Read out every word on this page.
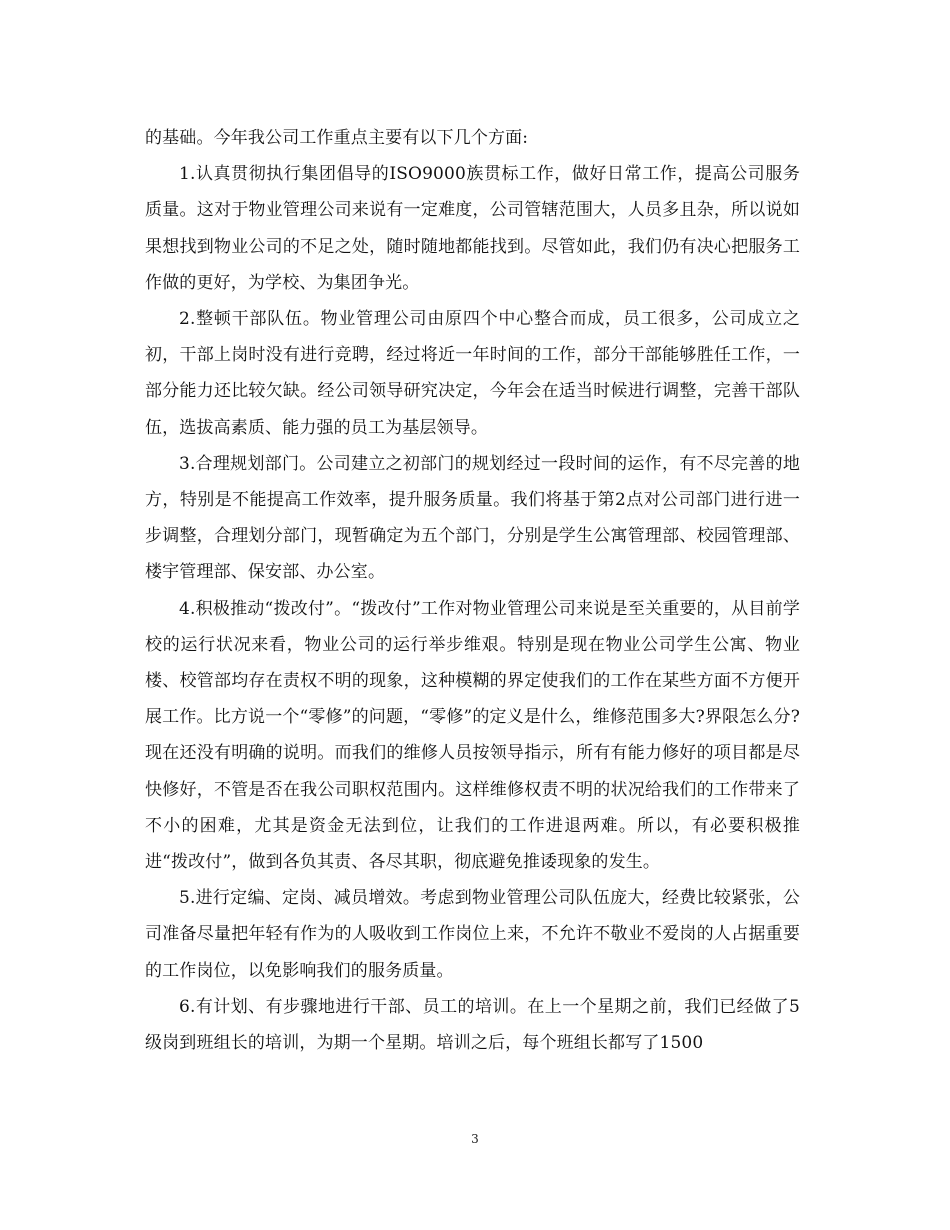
的基础。今年我公司工作重点主要有以下几个方面:

1.认真贯彻执行集团倡导的ISO9000族贯标工作，做好日常工作，提高公司服务质量。这对于物业管理公司来说有一定难度，公司管辖范围大，人员多且杂，所以说如果想找到物业公司的不足之处，随时随地都能找到。尽管如此，我们仍有决心把服务工作做的更好，为学校、为集团争光。

2.整顿干部队伍。物业管理公司由原四个中心整合而成，员工很多，公司成立之初，干部上岗时没有进行竞聘，经过将近一年时间的工作，部分干部能够胜任工作，一部分能力还比较欠缺。经公司领导研究决定，今年会在适当时候进行调整，完善干部队伍，选拔高素质、能力强的员工为基层领导。

3.合理规划部门。公司建立之初部门的规划经过一段时间的运作，有不尽完善的地方，特别是不能提高工作效率，提升服务质量。我们将基于第2点对公司部门进行进一步调整，合理划分部门，现暂确定为五个部门，分别是学生公寓管理部、校园管理部、楼宇管理部、保安部、办公室。

4.积极推动“拨改付”。“拨改付”工作对物业管理公司来说是至关重要的，从目前学校的运行状况来看，物业公司的运行举步维艰。特别是现在物业公司学生公寓、物业楼、校管部均存在责权不明的现象，这种模糊的界定使我们的工作在某些方面不方便开展工作。比方说一个“零修”的问题，“零修”的定义是什么，维修范围多大?界限怎么分?现在还没有明确的说明。而我们的维修人员按领导指示，所有有能力修好的项目都是尽快修好，不管是否在我公司职权范围内。这样维修权责不明的状况给我们的工作带来了不小的困难，尤其是资金无法到位，让我们的工作进退两难。所以，有必要积极推进“拨改付”，做到各负其责、各尽其职，彻底避免推诿现象的发生。

5.进行定编、定岗、减员增效。考虑到物业管理公司队伍庞大，经费比较紧张，公司准备尽量把年轻有作为的人吸收到工作岗位上来，不允许不敬业不爱岗的人占据重要的工作岗位，以免影响我们的服务质量。

6.有计划、有步骤地进行干部、员工的培训。在上一个星期之前，我们已经做了5级岗到班组长的培训，为期一个星期。培训之后，每个班组长都写了1500

3
